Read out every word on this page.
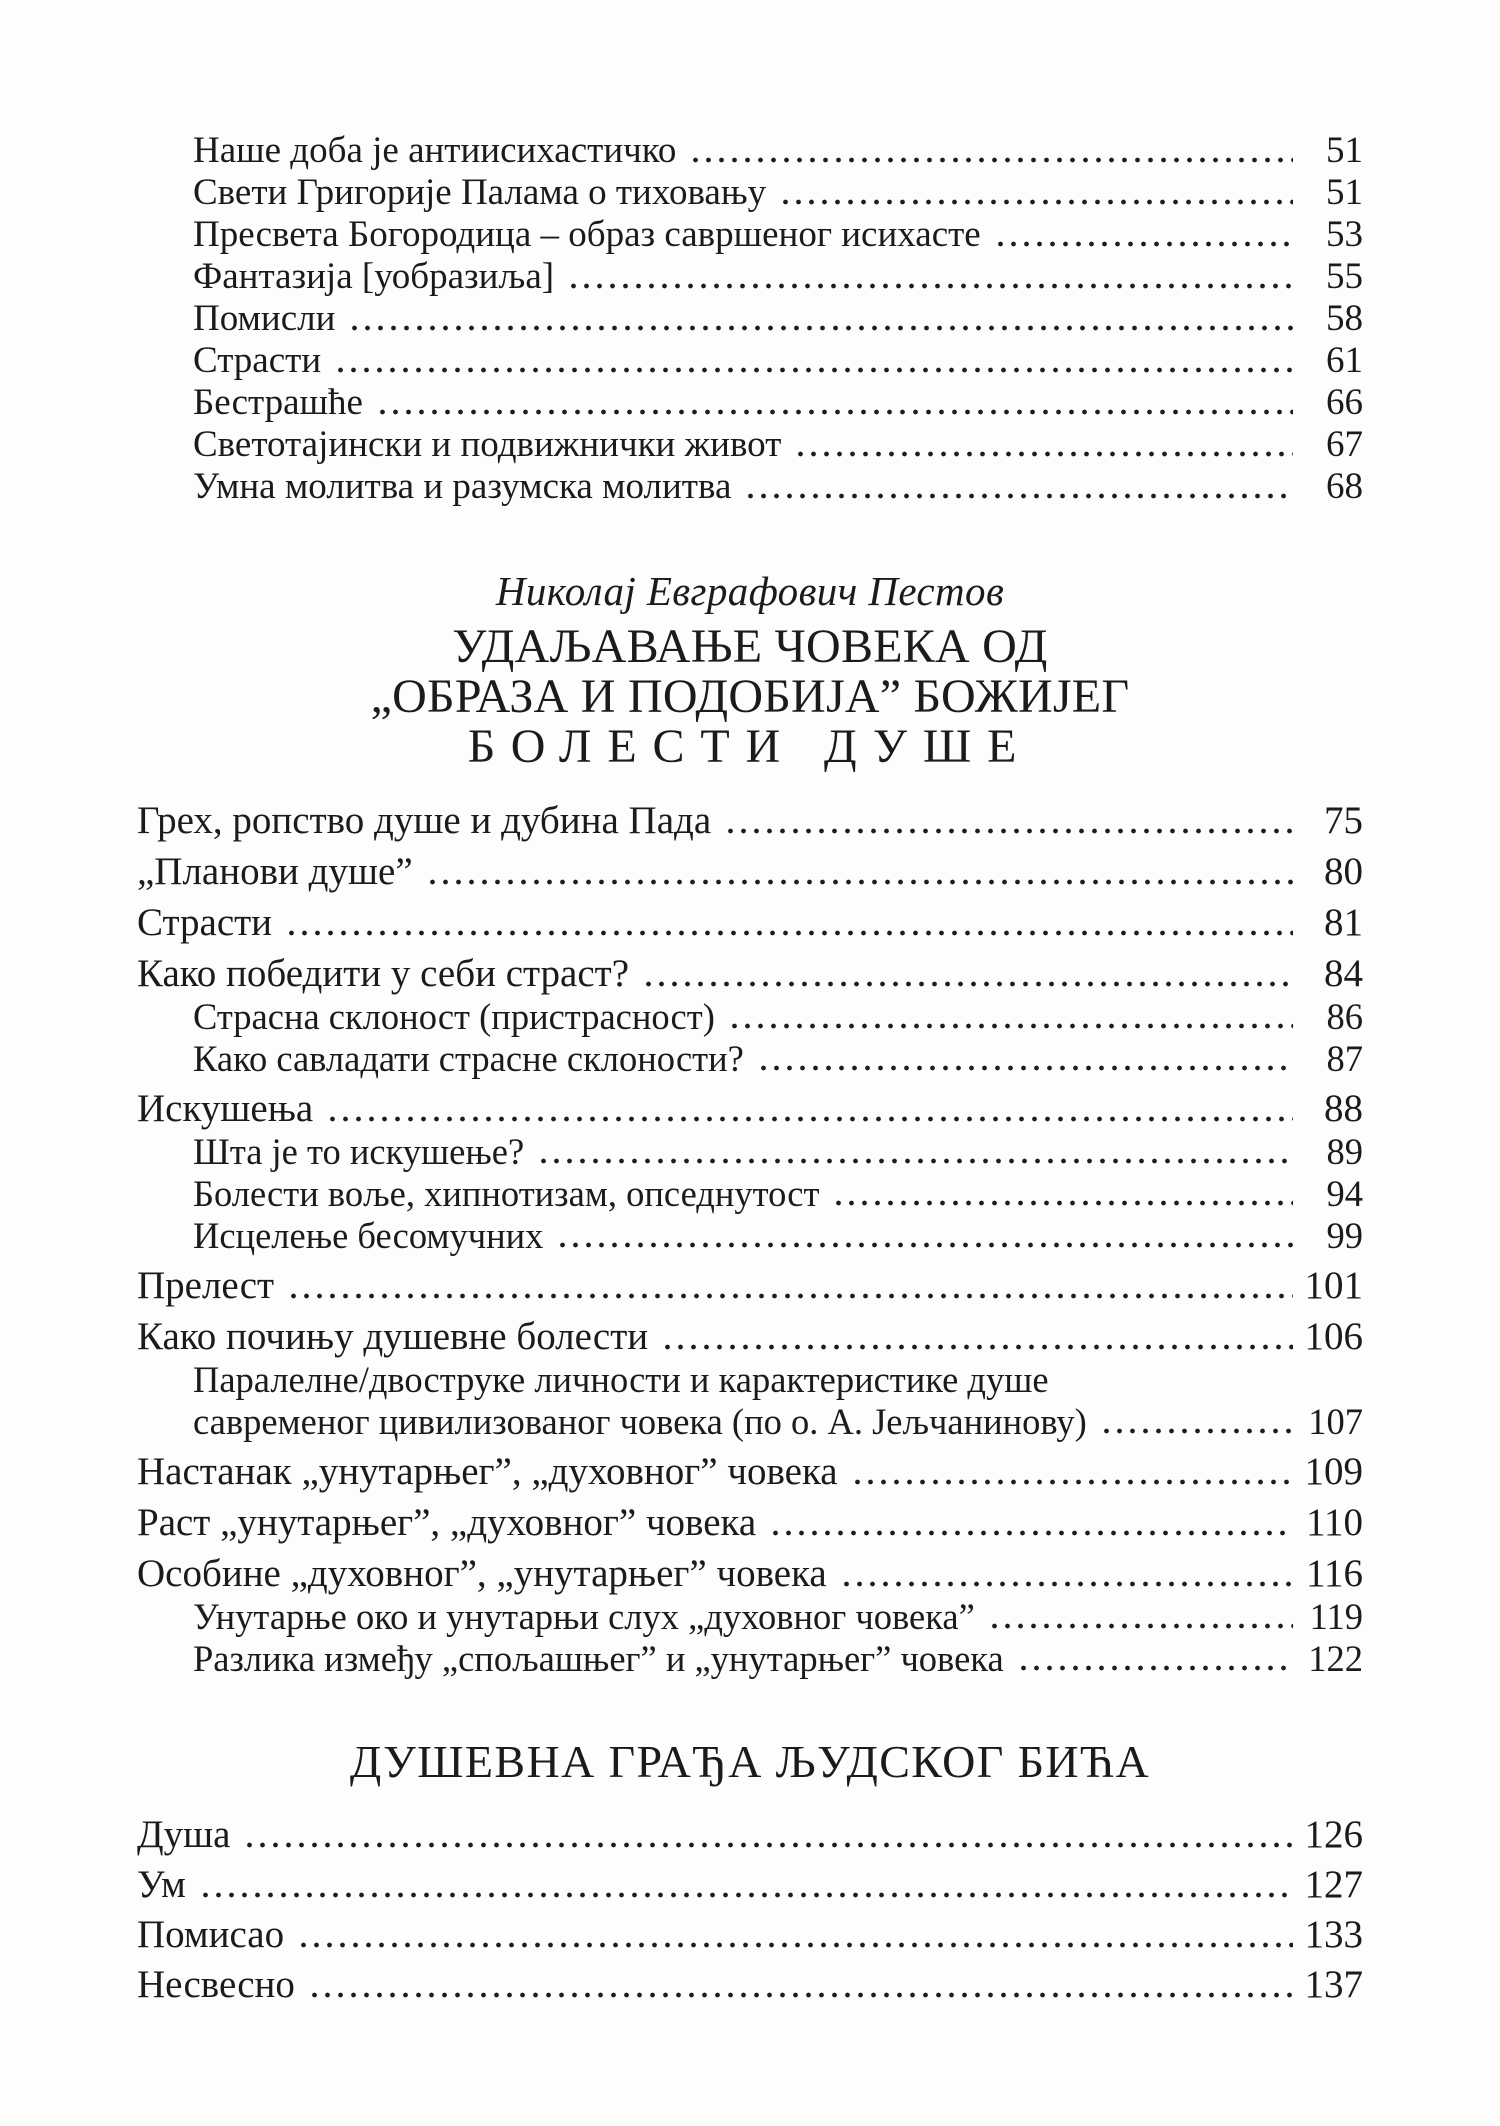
Наше доба је антиисихастичко	51
Свети Григорије Палама о тиховању	51
Пресвета Богородица – образ савршеног исихасте	53
Фантазија [уобразиља]	55
Помисли	58
Страсти	61
Бестрашће	66
Светотајински и подвижнички живот	67
Умна молитва и разумска молитва	68
Николај Евграфович Пестов
УДАЉАВАЊЕ ЧОВЕКА ОД
„ОБРАЗА И ПОДОБИЈА” БОЖИЈЕГ
БОЛЕСТИ ДУШЕ
Грех, ропство душе и дубина Пада	75
„Планови душе”	80
Страсти	81
Како победити у себи страст?	84
Страсна склоност (пристрасност)	86
Како савладати страсне склоности?	87
Искушења	88
Шта је то искушење?	89
Болести воље, хипнотизам, опседнутост	94
Исцелење бесомучних	99
Прелест	101
Како почињу душевне болести	106
Паралелне/двоструке личности и карактеристике душе
савременог цивилизованог човека (по о. А. Јељчанинову)	107
Настанак „унутарњег”, „духовног” човека	109
Раст „унутарњег”, „духовног” човека	110
Особине „духовног”, „унутарњег” човека	116
Унутарње око и унутарњи слух „духовног човека”	119
Разлика између „спољашњег” и „унутарњег” човека	122
ДУШЕВНА ГРАЂА ЉУДСКОГ БИЋА
Душа	126
Ум	127
Помисао	133
Несвесно	137
